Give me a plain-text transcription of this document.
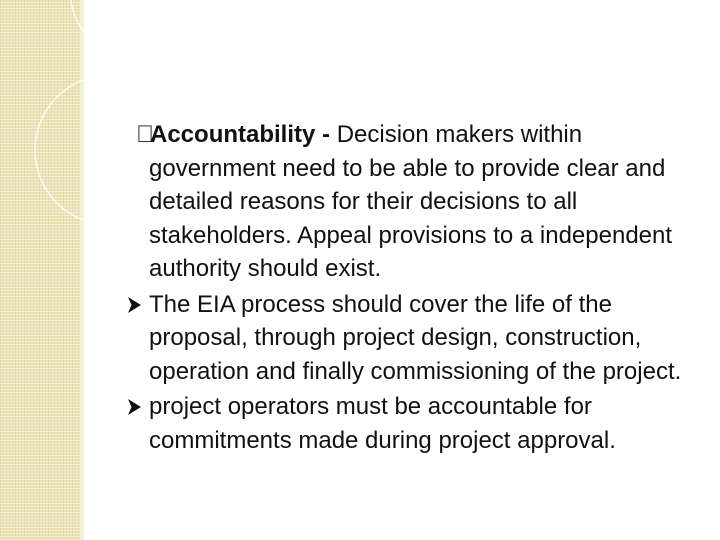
Accountability - Decision makers within government need to be able to provide clear and detailed reasons for their decisions to all stakeholders. Appeal provisions to a independent authority should exist.
The EIA process should cover the life of the proposal, through project design, construction, operation and finally commissioning of the project.
project operators must be accountable for commitments made during project approval.
